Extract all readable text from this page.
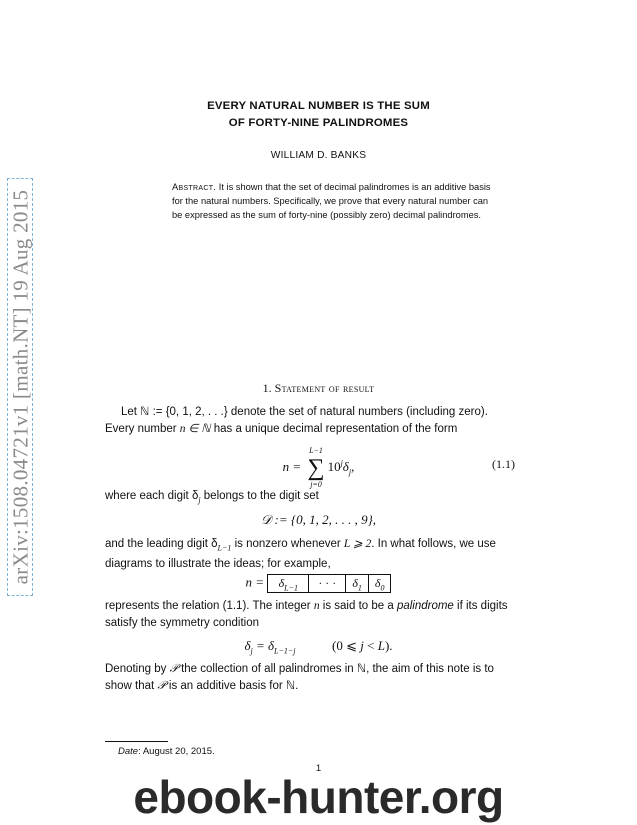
arXiv:1508.04721v1 [math.NT] 19 Aug 2015
EVERY NATURAL NUMBER IS THE SUM
OF FORTY-NINE PALINDROMES
WILLIAM D. BANKS
Abstract. It is shown that the set of decimal palindromes is an additive basis
for the natural numbers. Specifically, we prove that every natural number can
be expressed as the sum of forty-nine (possibly zero) decimal palindromes.
1. Statement of result
Let ℕ := {0, 1, 2, . . .} denote the set of natural numbers (including zero).
Every number n ∈ ℕ has a unique decimal representation of the form
n =
L−1
∑
j=0
$10^j\delta_j$,	(1.1)
where each digit $\delta_j$ belongs to the digit set
𝒟 := {0, 1, 2, . . . , 9},
and the leading digit $\delta_{L-1}$ is nonzero whenever L ⩾ 2. In what follows, we use
diagrams to illustrate the ideas; for example,
n =	$\delta_{L-1}$	· · ·	$\delta_1$	$\delta_0$
represents the relation (1.1). The integer n is said to be a palindrome if its digits
satisfy the symmetry condition
$\delta_j = \delta_{L-1-j}$	(0 ⩽ j < L).
Denoting by 𝒫 the collection of all palindromes in ℕ, the aim of this note is to
show that 𝒫 is an additive basis for ℕ.
Date: August 20, 2015.
1
ebook-hunter.org
